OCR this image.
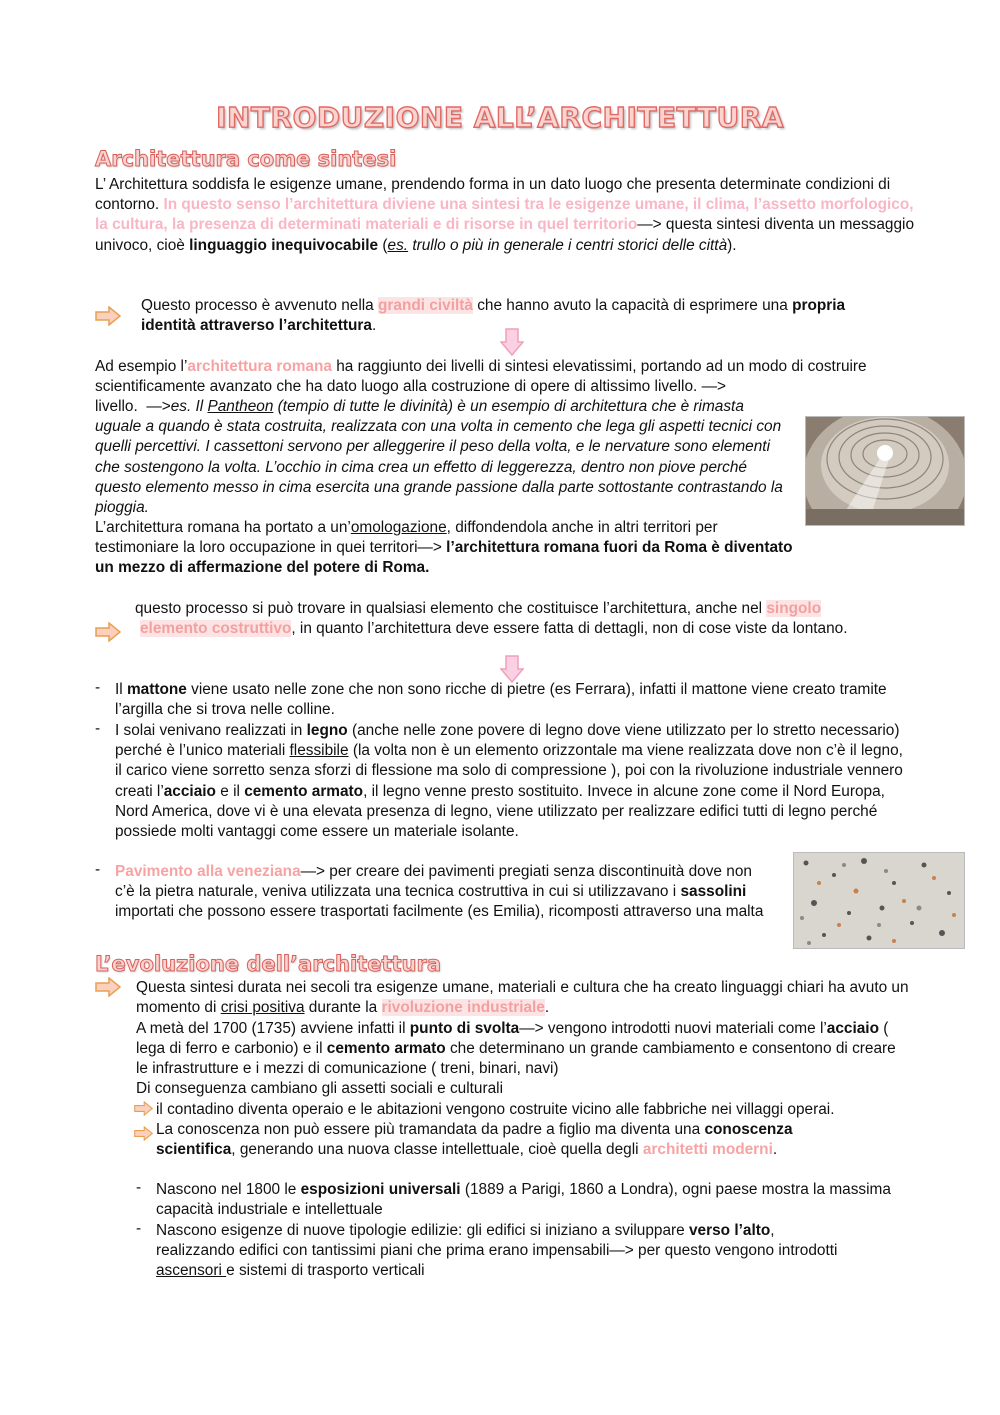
INTRODUZIONE ALL’ARCHITETTURA
Architettura come sintesi
L’ Architettura soddisfa le esigenze umane, prendendo forma in un dato luogo che presenta determinate condizioni di contorno. In questo senso l’architettura diviene una sintesi tra le esigenze umane, il clima, l’assetto morfologico, la cultura, la presenza di determinati materiali e di risorse in quel territorio—> questa sintesi diventa un messaggio univoco, cioè linguaggio inequivocabile (es. trullo o più in generale i centri storici delle città).
Questo processo è avvenuto nella grandi civiltà che hanno avuto la capacità di esprimere una propria identità attraverso l’architettura.
Ad esempio l’architettura romana ha raggiunto dei livelli di sintesi elevatissimi, portando ad un modo di costruire scientificamente avanzato che ha dato luogo alla costruzione di opere di altissimo livello. —>
es. Il Pantheon (tempio di tutte le divinità) è un esempio di architettura che è rimasta uguale a quando è stata costruita, realizzata con una volta in cemento che lega gli aspetti tecnici con quelli percettivi. I cassettoni servono per alleggerire il peso della volta, e le nervature sono elementi che sostengono la volta. L’occhio in cima crea un effetto di leggerezza, dentro non piove perché questo elemento messo in cima esercita una grande passione dalla parte sottostante contrastando la pioggia.
livello.  —>
L’architettura romana ha portato a un’omologazione, diffondendola anche in altri territori per testimoniare la loro occupazione in quei territori—> l’architettura romana fuori da Roma è diventato un mezzo di affermazione del potere di Roma.
questo processo si può trovare in qualsiasi elemento che costituisce l’architettura, anche nel singolo
elemento costruttivo, in quanto l’architettura deve essere fatta di dettagli, non di cose viste da lontano.
- Il mattone viene usato nelle zone che non sono ricche di pietre (es Ferrara), infatti il mattone viene creato tramite l’argilla che si trova nelle colline.
- I solai venivano realizzati in legno (anche nelle zone povere di legno dove viene utilizzato per lo stretto necessario) perché è l’unico materiali flessibile (la volta non è un elemento orizzontale ma viene realizzata dove non c’è il legno, il carico viene sorretto senza sforzi di flessione ma solo di compressione ), poi con la rivoluzione industriale vennero creati l’acciaio e il cemento armato, il legno venne presto sostituito. Invece in alcune zone come il Nord Europa, Nord America, dove vi è una elevata presenza di legno, viene utilizzato per realizzare edifici tutti di legno perché possiede molti vantaggi come essere un materiale isolante.
- Pavimento alla veneziana—> per creare dei pavimenti pregiati senza discontinuità dove non c’è la pietra naturale, veniva utilizzata una tecnica costruttiva in cui si utilizzavano i sassolini importati che possono essere trasportati facilmente (es Emilia), ricomposti attraverso una malta
L’evoluzione dell’architettura
Questa sintesi durata nei secoli tra esigenze umane, materiali e cultura che ha creato linguaggi chiari ha avuto un momento di crisi positiva durante la rivoluzione industriale.
A metà del 1700 (1735) avviene infatti il punto di svolta—> vengono introdotti nuovi materiali come l’acciaio ( lega di ferro e carbonio) e il cemento armato che determinano un grande cambiamento e consentono di creare le infrastrutture e i mezzi di comunicazione ( treni, binari, navi)
Di conseguenza cambiano gli assetti sociali e culturali
il contadino diventa operaio e le abitazioni vengono costruite vicino alle fabbriche nei villaggi operai.
La conoscenza non può essere più tramandata da padre a figlio ma diventa una conoscenza scientifica, generando una nuova classe intellettuale, cioè quella degli architetti moderni.
- Nascono nel 1800 le esposizioni universali (1889 a Parigi, 1860 a Londra), ogni paese mostra la massima capacità industriale e intellettuale
- Nascono esigenze di nuove tipologie edilizie: gli edifici si iniziano a sviluppare verso l’alto, realizzando edifici con tantissimi piani che prima erano impensabili—> per questo vengono introdotti ascensori e sistemi di trasporto verticali
